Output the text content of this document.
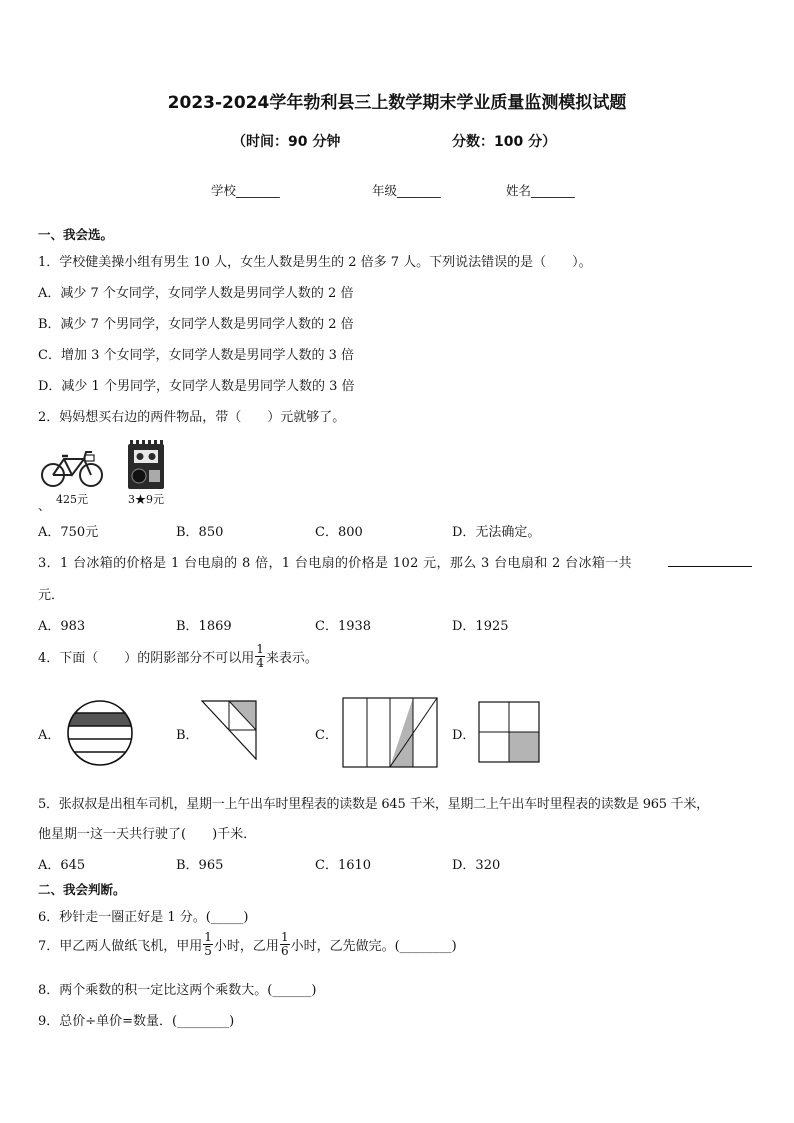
2023-2024学年勃利县三上数学期末学业质量监测模拟试题
（时间：90 分钟	分数：100 分）
学校_______	年级_______	姓名_______
一、我会选。
1．学校健美操小组有男生 10 人，女生人数是男生的 2 倍多 7 人。下列说法错误的是（　　）。
A．减少 7 个女同学，女同学人数是男同学人数的 2 倍
B．减少 7 个男同学，女同学人数是男同学人数的 2 倍
C．增加 3 个女同学，女同学人数是男同学人数的 3 倍
D．减少 1 个男同学，女同学人数是男同学人数的 3 倍
2．妈妈想买右边的两件物品，带（　　）元就够了。
425元
、	3★9元
A．750元	B．850	C．800	D．无法确定。
3．1 台冰箱的价格是 1 台电扇的 8 倍，1 台电扇的价格是 102 元，那么 3 台电扇和 2 台冰箱一共
元．
A．983	B．1869	C．1938	D．1925
4．下面（　　）的阴影部分不可以用 $\frac{1}{4}$ 来表示。
A．	B．	C．	D．
5．张叔叔是出租车司机，星期一上午出车时里程表的读数是 645 千米，星期二上午出车时里程表的读数是 965 千米，
他星期一这一天共行驶了(　　)千米．
A．645	B．965	C．1610	D．320
二、我会判断。
6．秒针走一圈正好是 1 分。(_____)
7．甲乙两人做纸飞机，甲用 $\frac{1}{5}$ 小时，乙用 $\frac{1}{6}$ 小时，乙先做完。(________)
8．两个乘数的积一定比这两个乘数大。(______)
9．总价÷单价=数量．(________)
